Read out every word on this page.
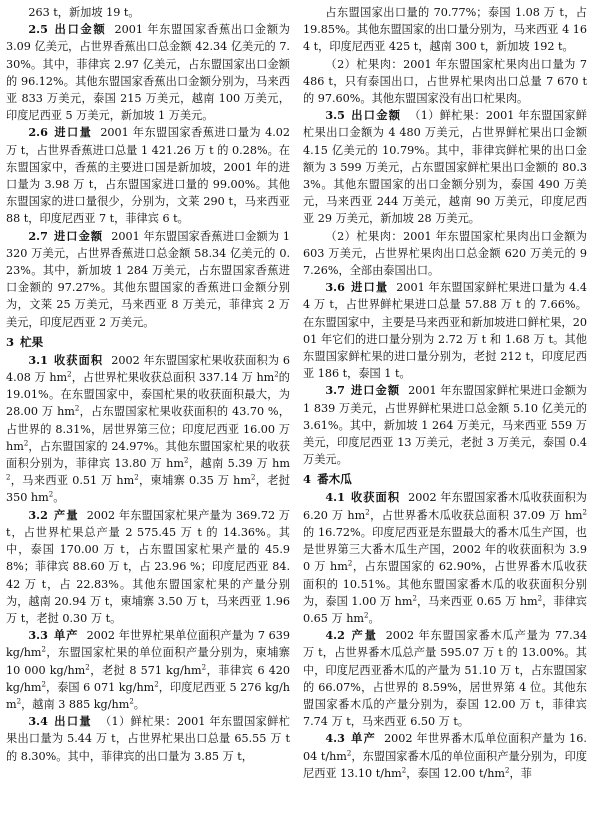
263 t，新加坡 19 t。

2.5 出口金额 2001 年东盟国家香蕉出口金额为 3.09 亿美元，占世界香蕉出口总金额 42.34 亿美元的 7.30%。其中，菲律宾 2.97 亿美元，占东盟国家出口金额的 96.12%。其他东盟国家香蕉出口金额分别为，马来西亚 833 万美元，泰国 215 万美元，越南 100 万美元，印度尼西亚 5 万美元，新加坡 1 万美元。

2.6 进口量 2001 年东盟国家香蕉进口量为 4.02 万 t，占世界香蕉进口总量 1 421.26 万 t 的 0.28%。在东盟国家中，香蕉的主要进口国是新加坡，2001 年的进口量为 3.98 万 t，占东盟国家进口量的 99.00%。其他东盟国家的进口量很少，分别为，文莱 290 t，马来西亚 88 t，印度尼西亚 7 t，菲律宾 6 t。

2.7 进口金额 2001 年东盟国家香蕉进口金额为 1 320 万美元，占世界香蕉进口总金额 58.34 亿美元的 0.23%。其中，新加坡 1 284 万美元，占东盟国家香蕉进口金额的 97.27%。其他东盟国家的香蕉进口金额分别为，文莱 25 万美元，马来西亚 8 万美元，菲律宾 2 万美元，印度尼西亚 2 万美元。

3 杧果

3.1 收获面积 2002 年东盟国家杧果收获面积为 64.08 万 $hm^2$，占世界杧果收获总面积 337.14 万 $hm^2$的 19.01%。在东盟国家中，泰国杧果的收获面积最大，为 28.00 万 $hm^2$，占东盟国家杧果收获面积的 43.70 %，占世界的 8.31%，居世界第三位；印度尼西亚 16.00 万 $hm^2$，占东盟国家的 24.97%。其他东盟国家杧果的收获面积分别为，菲律宾 13.80 万 $hm^2$，越南 5.39 万 $hm^2$，马来西亚 0.51 万 $hm^2$，柬埔寨 0.35 万 $hm^2$，老挝 350 $hm^2$。

3.2 产量 2002 年东盟国家杧果产量为 369.72 万 t，占世界杧果总产量 2 575.45 万 t 的 14.36%。其中，泰国 170.00 万 t，占东盟国家杧果产量的 45.98%；菲律宾 88.60 万 t，占 23.96 %；印度尼西亚 84.42 万 t，占 22.83%。其他东盟国家杧果的产量分别为，越南 20.94 万 t，柬埔寨 3.50 万 t，马来西亚 1.96 万 t，老挝 0.30 万 t。

3.3 单产 2002 年世界杧果单位面积产量为 7 639 $kg/hm^2$，东盟国家杧果的单位面积产量分别为，柬埔寨 10 000 $kg/hm^2$，老挝 8 571 $kg/hm^2$，菲律宾 6 420 $kg/hm^2$，泰国 6 071 $kg/hm^2$，印度尼西亚 5 276 $kg/hm^2$，越南 3 885 $kg/hm^2$。

3.4 出口量 （1）鲜杧果：2001 年东盟国家鲜杧果出口量为 5.44 万 t，占世界杧果出口总量 65.55 万 t 的 8.30%。其中，菲律宾的出口量为 3.85 万 t，

占东盟国家出口量的 70.77%；泰国 1.08 万 t，占 19.85%。其他东盟国家的出口量分别为，马来西亚 4 164 t，印度尼西亚 425 t，越南 300 t，新加坡 192 t。

（2）杧果肉：2001 年东盟国家杧果肉出口量为 7 486 t，只有泰国出口，占世界杧果肉出口总量 7 670 t 的 97.60%。其他东盟国家没有出口杧果肉。

3.5 出口金额 （1）鲜杧果：2001 年东盟国家鲜杧果出口金额为 4 480 万美元，占世界鲜杧果出口金额 4.15 亿美元的 10.79%。其中，菲律宾鲜杧果的出口金额为 3 599 万美元，占东盟国家鲜杧果出口金额的 80.33%。其他东盟国家的出口金额分别为，泰国 490 万美元，马来西亚 244 万美元，越南 90 万美元，印度尼西亚 29 万美元，新加坡 28 万美元。

（2）杧果肉：2001 年东盟国家杧果肉出口金额为 603 万美元，占世界杧果肉出口总金额 620 万美元的 97.26%，全部由泰国出口。

3.6 进口量 2001 年东盟国家鲜杧果进口量为 4.44 万 t，占世界鲜杧果进口总量 57.88 万 t 的 7.66%。在东盟国家中，主要是马来西亚和新加坡进口鲜杧果，2001 年它们的进口量分别为 2.72 万 t 和 1.68 万 t。其他东盟国家鲜杧果的进口量分别为，老挝 212 t，印度尼西亚 186 t，泰国 1 t。

3.7 进口金额 2001 年东盟国家鲜杧果进口金额为 1 839 万美元，占世界鲜杧果进口总金额 5.10 亿美元的 3.61%。其中，新加坡 1 264 万美元，马来西亚 559 万美元，印度尼西亚 13 万美元，老挝 3 万美元，泰国 0.4 万美元。

4 番木瓜

4.1 收获面积 2002 年东盟国家番木瓜收获面积为 6.20 万 $hm^2$，占世界番木瓜收获总面积 37.09 万 $hm^2$的 16.72%。印度尼西亚是东盟最大的番木瓜生产国，也是世界第三大番木瓜生产国，2002 年的收获面积为 3.90 万 $hm^2$，占东盟国家的 62.90%，占世界番木瓜收获面积的 10.51%。其他东盟国家番木瓜的收获面积分别为，泰国 1.00 万 $hm^2$，马来西亚 0.65 万 $hm^2$，菲律宾 0.65 万 $hm^2$。

4.2 产量 2002 年东盟国家番木瓜产量为 77.34 万 t，占世界番木瓜总产量 595.07 万 t 的 13.00%。其中，印度尼西亚番木瓜的产量为 51.10 万 t，占东盟国家的 66.07%，占世界的 8.59%，居世界第 4 位。其他东盟国家番木瓜的产量分别为，泰国 12.00 万 t，菲律宾 7.74 万 t，马来西亚 6.50 万 t。

4.3 单产 2002 年世界番木瓜单位面积产量为 16.04 $t/hm^2$，东盟国家番木瓜的单位面积产量分别为，印度尼西亚 13.10 $t/hm^2$，泰国 12.00 $t/hm^2$，菲
